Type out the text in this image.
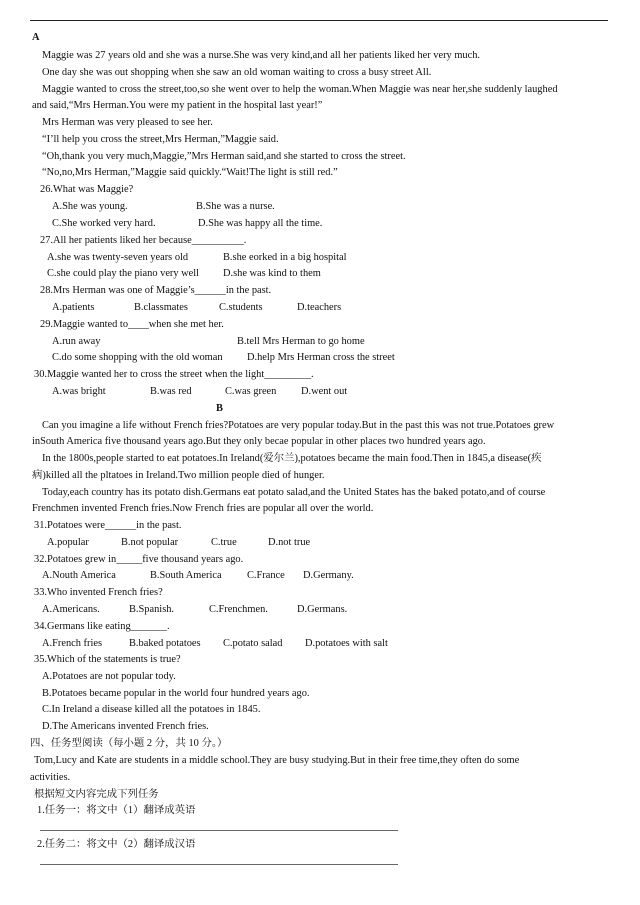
A
Maggie was 27 years old and she was a nurse.She was very kind,and all her patients liked her very much.
One day she was out shopping when she saw an old woman waiting to cross a busy street All.
Maggie wanted to cross the street,too,so she went over to help the woman.When Maggie was near her,she suddenly laughed
and said,“Mrs Herman.You were my patient in the hospital last year!”
Mrs Herman was very pleased to see her.
“I’ll help you cross the street,Mrs Herman,”Maggie said.
“Oh,thank you very much,Maggie,”Mrs Herman said,and she started to cross the street.
“No,no,Mrs Herman,”Maggie said quickly.“Wait!The light is still red.”
26.What was Maggie?
A.She was young.	B.She was a nurse.
C.She worked very hard.	D.She was happy all the time.
27.All her patients liked her because__________.
A.she was twenty-seven years old	B.she eorked in a big hospital
C.she could play the piano very well D.she was kind to them
28.Mrs Herman was one of Maggie’s______in the past.
A.patients	B.classmates	C.students	D.teachers
29.Maggie wanted to____when she met her.
A.run away	B.tell Mrs Herman to go home
C.do some shopping with the old woman D.help Mrs Herman cross the street
30.Maggie wanted her to cross the street when the light_________.
A.was bright	B.was red	C.was green D.went out
B
Can you imagine a life without French fries?Potatoes are very popular today.But in the past this was not true.Potatoes grew
inSouth America five thousand years ago.But they only becae popular in other places two hundred years ago.
In the 1800s,people started to eat potatoes.In Ireland(爱尔兰),potatoes became the main food.Then in 1845,a disease(疾
病)killed all the pltatoes in Ireland.Two million people died of hunger.
Today,each country has its potato dish.Germans eat potato salad,and the United States has the baked potato,and of course
Frenchmen invented French fries.Now French fries are popular all over the world.
31.Potatoes were______in the past.
A.popular	B.not popular	C.true	D.not true
32.Potatoes grew in_____five thousand years ago.
A.Nouth America	B.South America C.France D.Germany.
33.Who invented French fries?
A.Americans.	B.Spanish.	C.Frenchmen.	D.Germans.
34.Germans like eating_______.
A.French fries	B.baked potatoes C.potato salad D.potatoes with salt
35.Which of the statements is true?
A.Potatoes are not popular tody.
B.Potatoes became popular in the world four hundred years ago.
C.In Ireland a disease killed all the potatoes in 1845.
D.The Americans invented French fries.
四、任务型阅读（每小题 2 分，共 10 分。）
Tom,Lucy and Kate are students in a middle school.They are busy studying.But in their free time,they often do some
activities.
根据短文内容完成下列任务
1.任务一：将文中（1）翻译成英语
2.任务二：将文中（2）翻译成汉语
